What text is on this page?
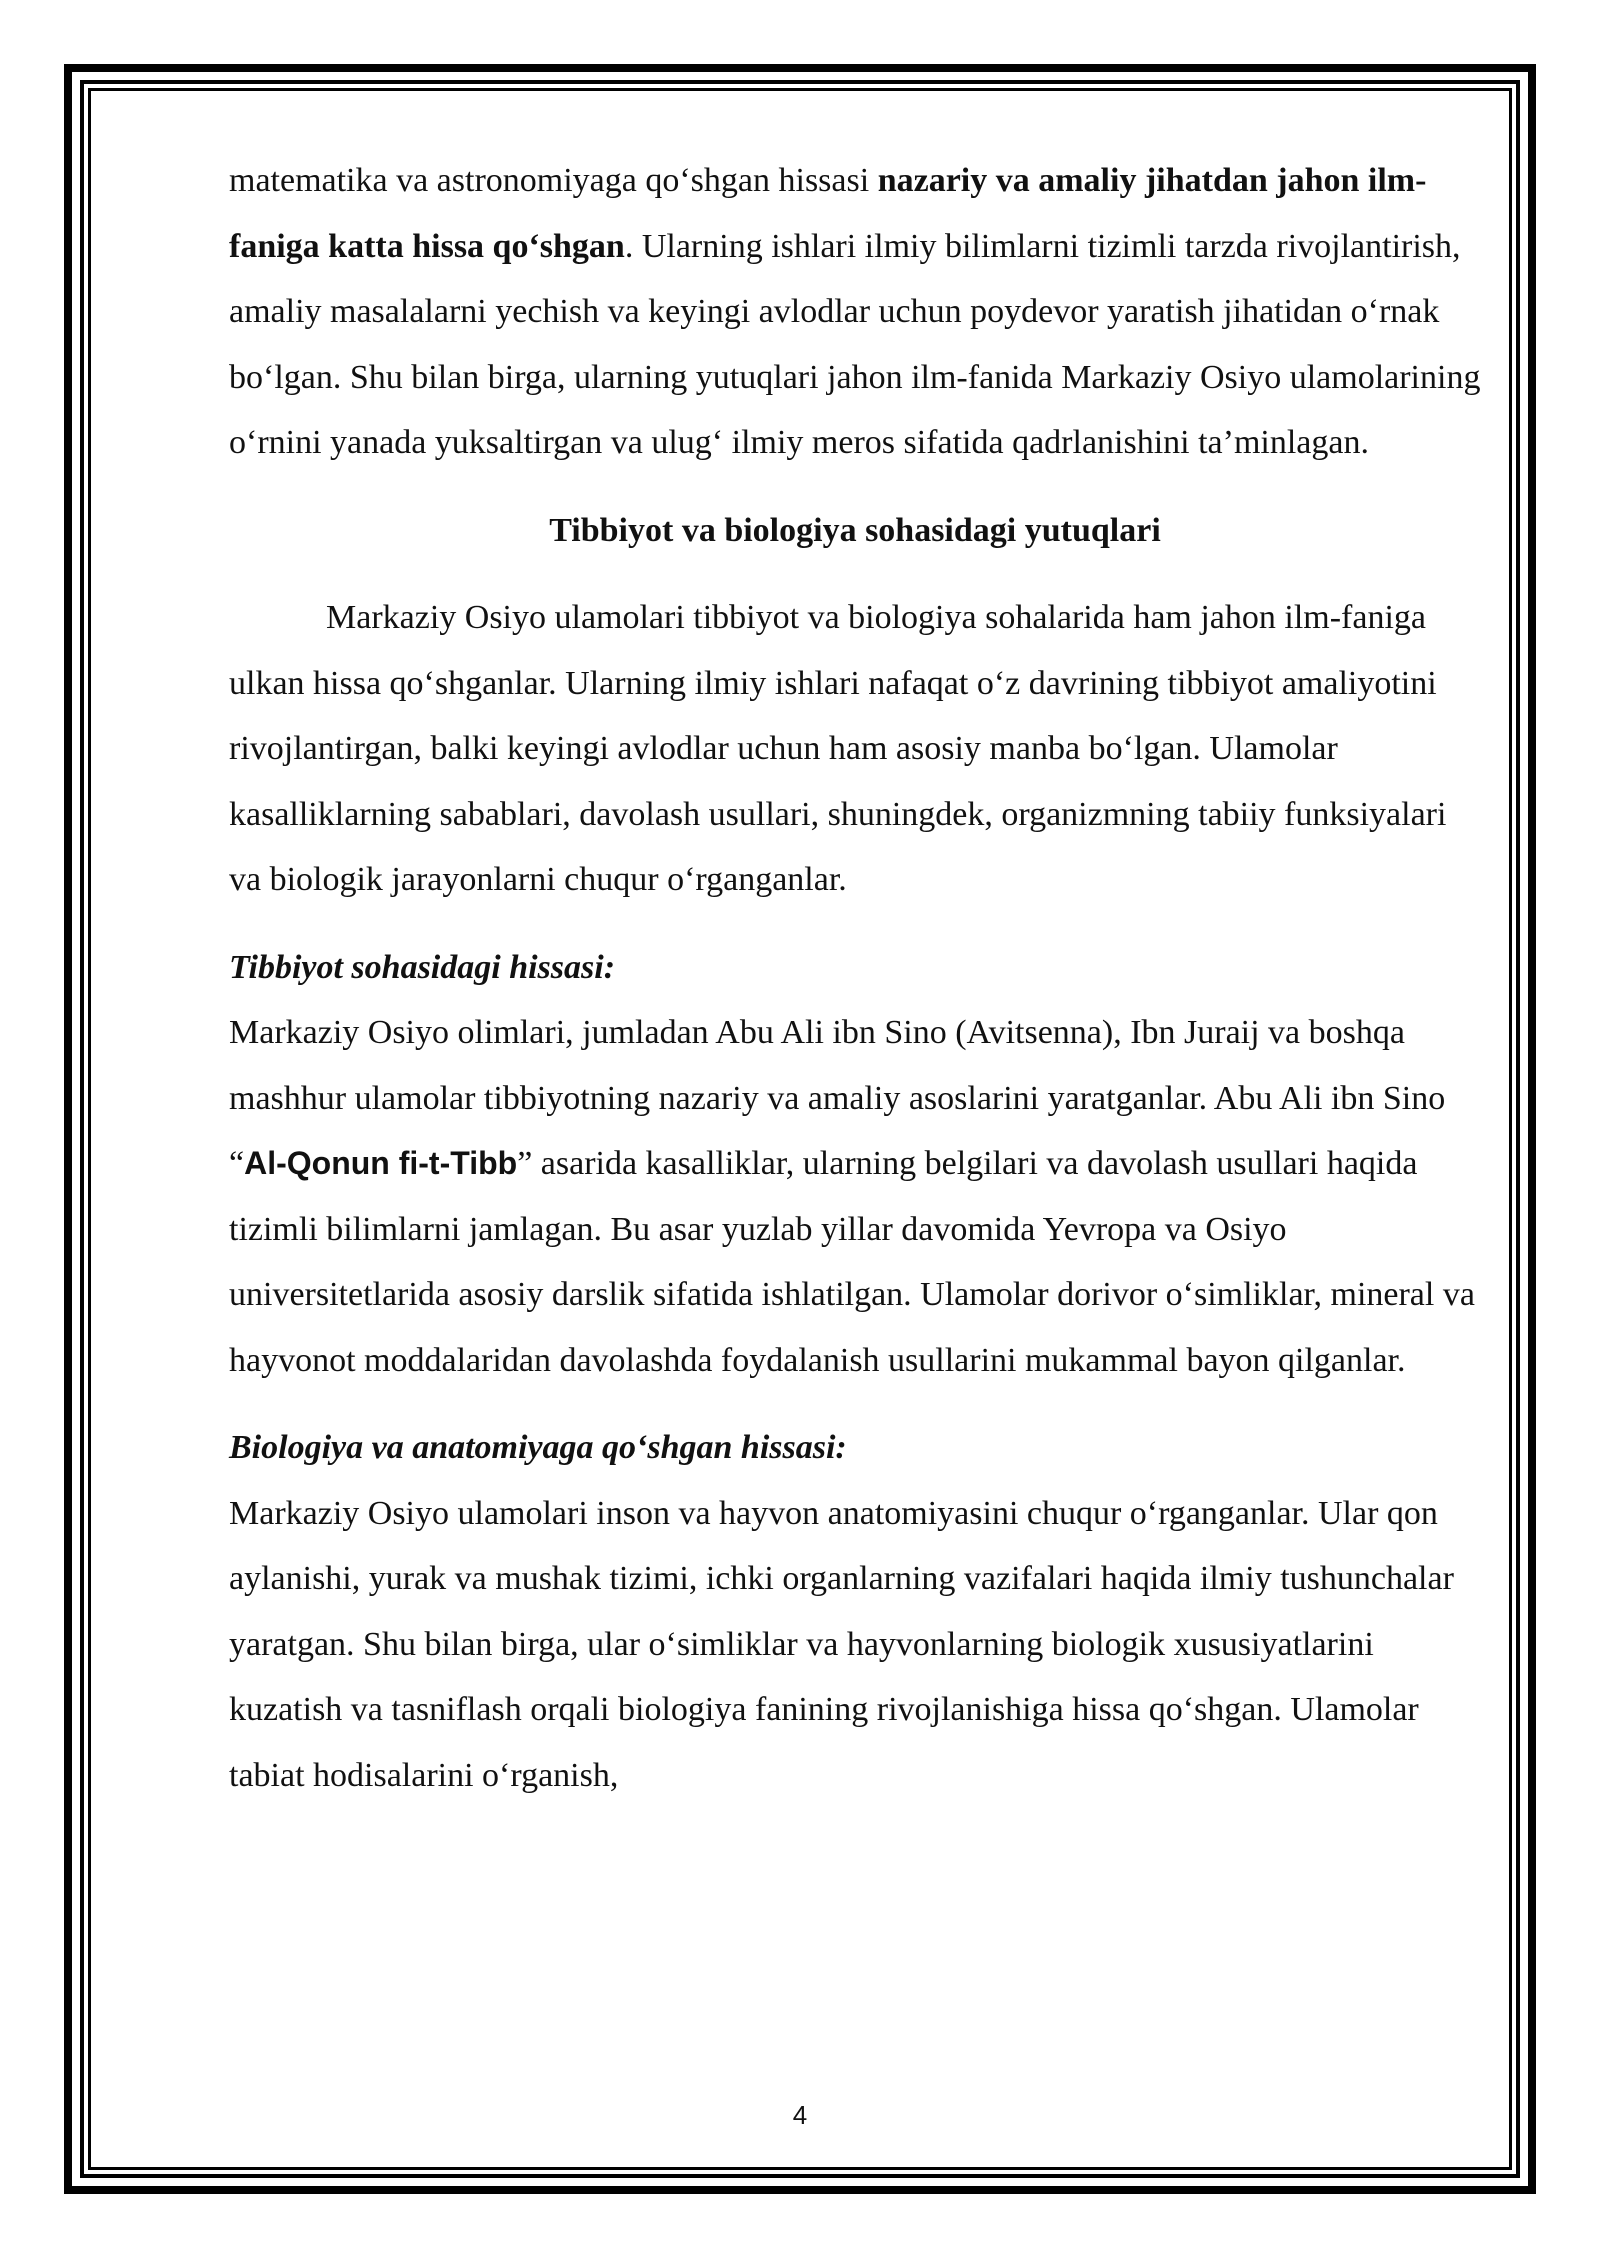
matematika va astronomiyaga qo‘shgan hissasi nazariy va amaliy jihatdan jahon ilm-faniga katta hissa qo‘shgan. Ularning ishlari ilmiy bilimlarni tizimli tarzda rivojlantirish, amaliy masalalarni yechish va keyingi avlodlar uchun poydevor yaratish jihatidan o‘rnak bo‘lgan. Shu bilan birga, ularning yutuqlari jahon ilm-fanida Markaziy Osiyo ulamolarining o‘rnini yanada yuksaltirgan va ulug‘ ilmiy meros sifatida qadrlanishini ta’minlagan.

Tibbiyot va biologiya sohasidagi yutuqlari

Markaziy Osiyo ulamolari tibbiyot va biologiya sohalarida ham jahon ilm-faniga ulkan hissa qo‘shganlar. Ularning ilmiy ishlari nafaqat o‘z davrining tibbiyot amaliyotini rivojlantirgan, balki keyingi avlodlar uchun ham asosiy manba bo‘lgan. Ulamolar kasalliklarning sabablari, davolash usullari, shuningdek, organizmning tabiiy funksiyalari va biologik jarayonlarni chuqur o‘rganganlar.

Tibbiyot sohasidagi hissasi:

Markaziy Osiyo olimlari, jumladan Abu Ali ibn Sino (Avitsenna), Ibn Juraij va boshqa mashhur ulamolar tibbiyotning nazariy va amaliy asoslarini yaratganlar. Abu Ali ibn Sino “Al-Qonun fi-t-Tibb” asarida kasalliklar, ularning belgilari va davolash usullari haqida tizimli bilimlarni jamlagan. Bu asar yuzlab yillar davomida Yevropa va Osiyo universitetlarida asosiy darslik sifatida ishlatilgan. Ulamolar dorivor o‘simliklar, mineral va hayvonot moddalaridan davolashda foydalanish usullarini mukammal bayon qilganlar.

Biologiya va anatomiyaga qo‘shgan hissasi:

Markaziy Osiyo ulamolari inson va hayvon anatomiyasini chuqur o‘rganganlar. Ular qon aylanishi, yurak va mushak tizimi, ichki organlarning vazifalari haqida ilmiy tushunchalar yaratgan. Shu bilan birga, ular o‘simliklar va hayvonlarning biologik xususiyatlarini kuzatish va tasniflash orqali biologiya fanining rivojlanishiga hissa qo‘shgan. Ulamolar tabiat hodisalarini o‘rganish,

4
